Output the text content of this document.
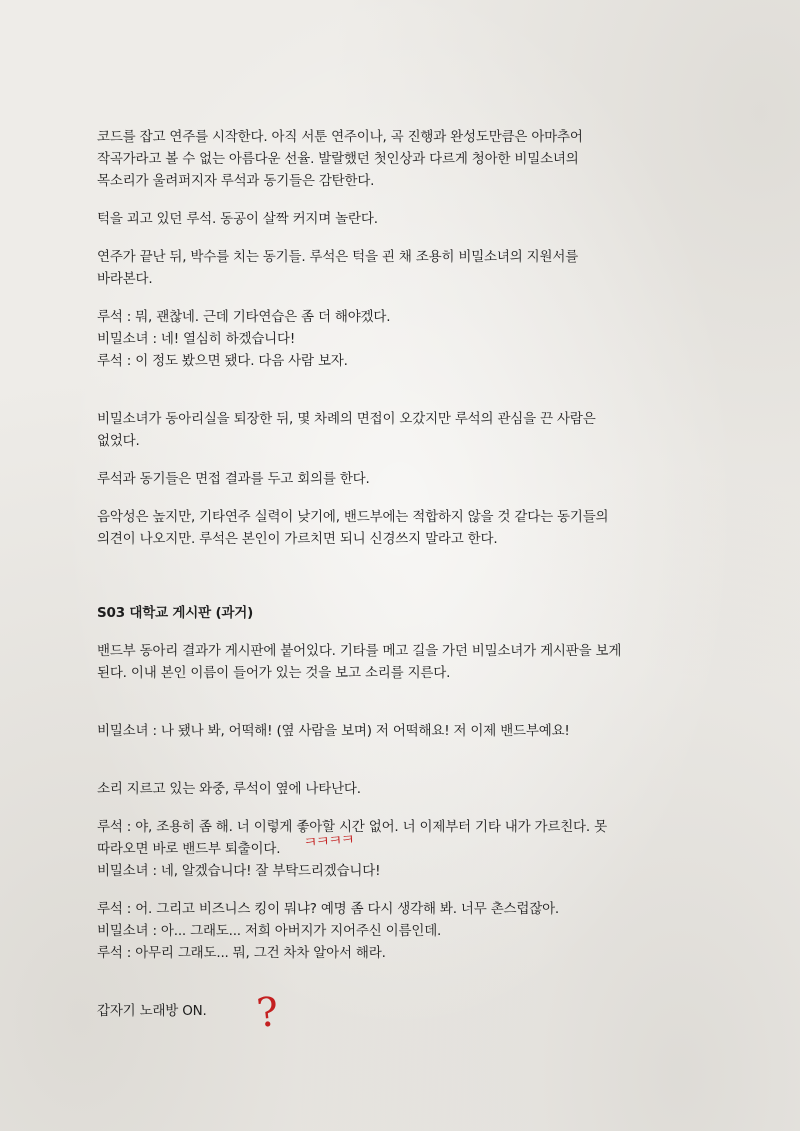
코드를 잡고 연주를 시작한다. 아직 서툰 연주이나, 곡 진행과 완성도만큼은 아마추어
작곡가라고 볼 수 없는 아름다운 선율. 발랄했던 첫인상과 다르게 청아한 비밀소녀의
목소리가 울려퍼지자 루석과 동기들은 감탄한다.

턱을 괴고 있던 루석. 동공이 살짝 커지며 놀란다.

연주가 끝난 뒤, 박수를 치는 동기들. 루석은 턱을 괸 채 조용히 비밀소녀의 지원서를
바라본다.

루석 : 뭐, 괜찮네. 근데 기타연습은 좀 더 해야겠다.
비밀소녀 : 네! 열심히 하겠습니다!
루석 : 이 정도 봤으면 됐다. 다음 사람 보자.

비밀소녀가 동아리실을 퇴장한 뒤, 몇 차례의 면접이 오갔지만 루석의 관심을 끈 사람은
없었다.

루석과 동기들은 면접 결과를 두고 회의를 한다.

음악성은 높지만, 기타연주 실력이 낮기에, 밴드부에는 적합하지 않을 것 같다는 동기들의
의견이 나오지만. 루석은 본인이 가르치면 되니 신경쓰지 말라고 한다.

S03 대학교 게시판 (과거)

밴드부 동아리 결과가 게시판에 붙어있다. 기타를 메고 길을 가던 비밀소녀가 게시판을 보게
된다. 이내 본인 이름이 들어가 있는 것을 보고 소리를 지른다.

비밀소녀 : 나 됐나 봐, 어떡해! (옆 사람을 보며) 저 어떡해요! 저 이제 밴드부예요!

소리 지르고 있는 와중, 루석이 옆에 나타난다.

루석 : 야, 조용히 좀 해. 너 이렇게 좋아할 시간 없어. 너 이제부터 기타 내가 가르친다. 못
따라오면 바로 밴드부 퇴출이다.
비밀소녀 : 네, 알겠습니다! 잘 부탁드리겠습니다!

루석 : 어. 그리고 비즈니스 킹이 뭐냐? 예명 좀 다시 생각해 봐. 너무 촌스럽잖아.
비밀소녀 : 아... 그래도... 저희 아버지가 지어주신 이름인데.
루석 : 아무리 그래도... 뭐, 그건 차차 알아서 해라.

갑자기 노래방 ON.

ㅋㅋㅋㅋ
?
